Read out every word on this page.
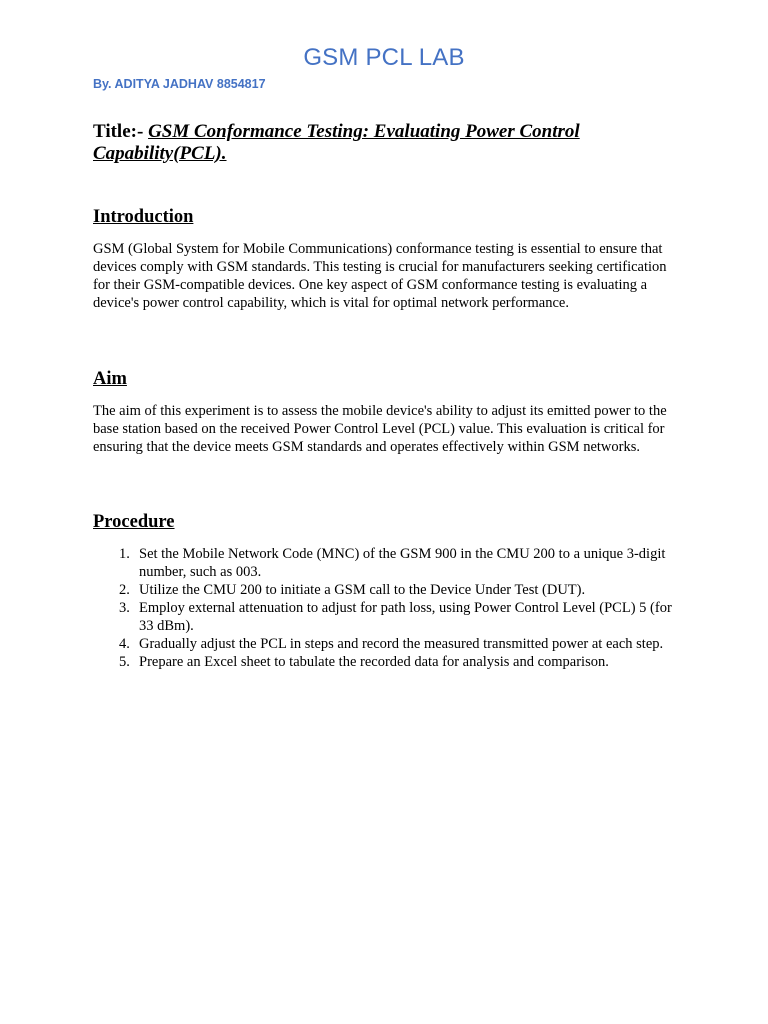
GSM PCL LAB

By. ADITYA JADHAV 8854817

Title:- GSM Conformance Testing: Evaluating Power Control Capability(PCL).

Introduction

GSM (Global System for Mobile Communications) conformance testing is essential to ensure that devices comply with GSM standards. This testing is crucial for manufacturers seeking certification for their GSM-compatible devices. One key aspect of GSM conformance testing is evaluating a device's power control capability, which is vital for optimal network performance.

Aim

The aim of this experiment is to assess the mobile device's ability to adjust its emitted power to the base station based on the received Power Control Level (PCL) value. This evaluation is critical for ensuring that the device meets GSM standards and operates effectively within GSM networks.

Procedure
1. Set the Mobile Network Code (MNC) of the GSM 900 in the CMU 200 to a unique 3-digit number, such as 003.
2. Utilize the CMU 200 to initiate a GSM call to the Device Under Test (DUT).
3. Employ external attenuation to adjust for path loss, using Power Control Level (PCL) 5 (for 33 dBm).
4. Gradually adjust the PCL in steps and record the measured transmitted power at each step.
5. Prepare an Excel sheet to tabulate the recorded data for analysis and comparison.
